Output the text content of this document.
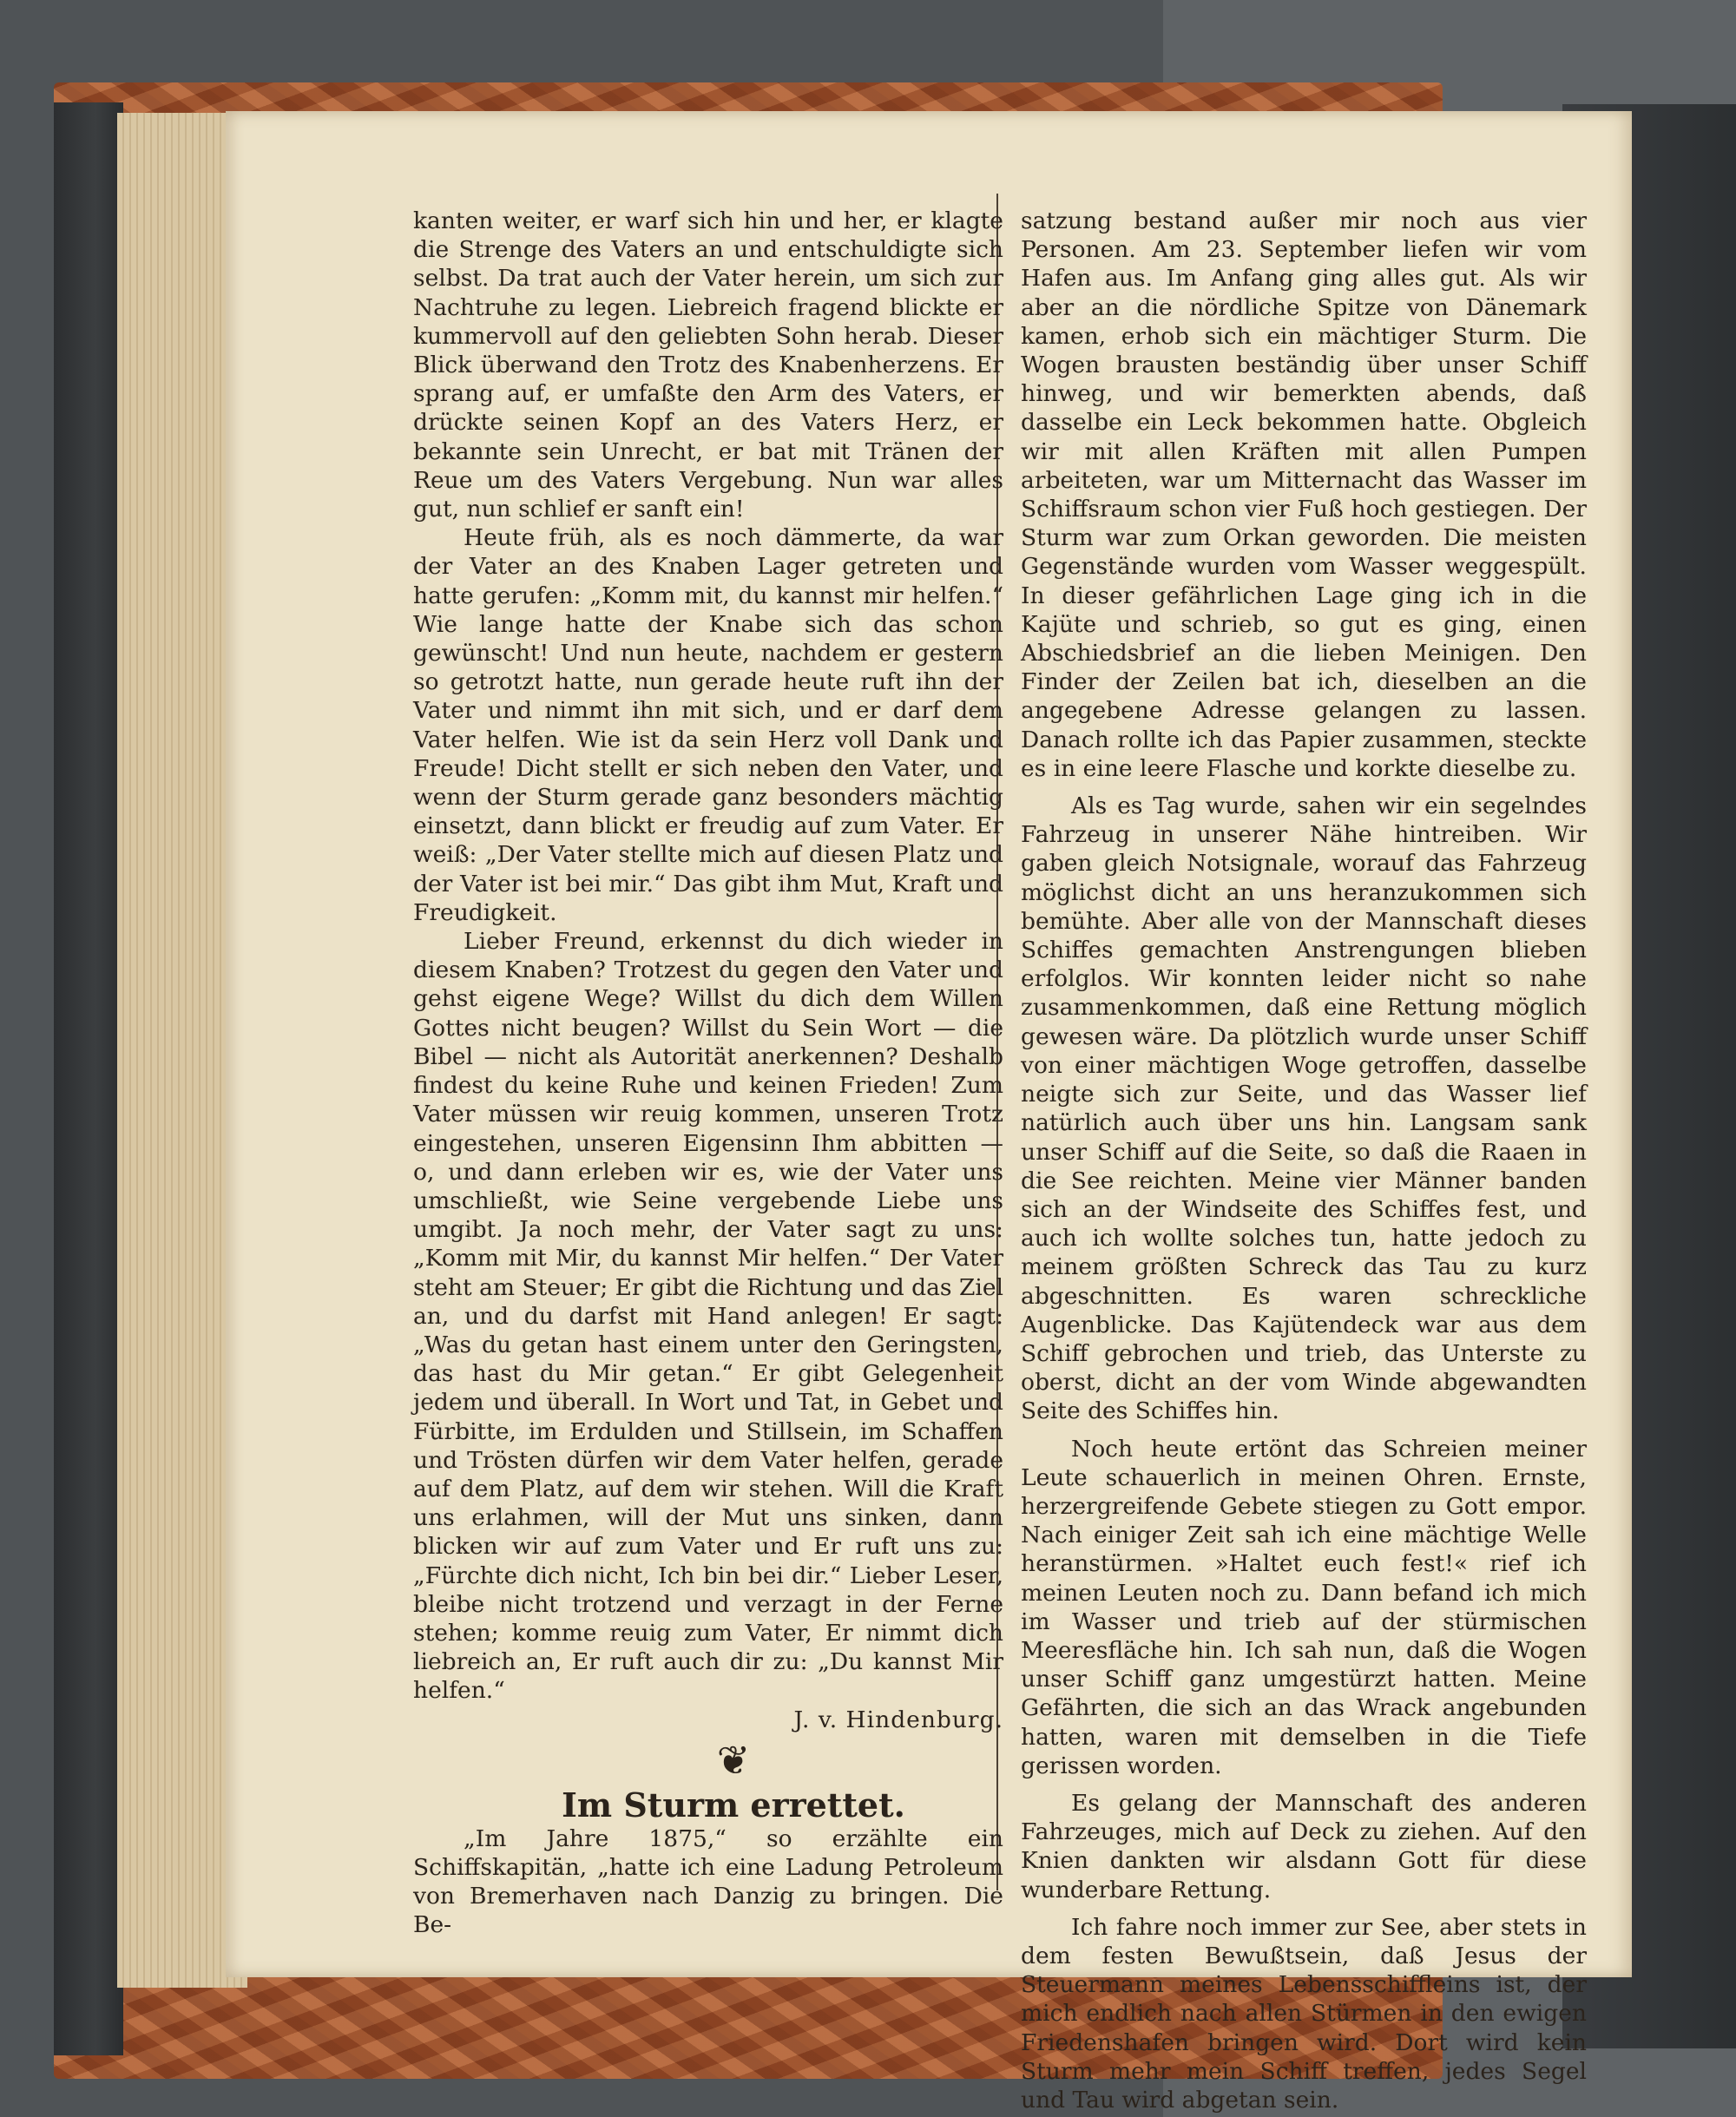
kanten weiter, er warf sich hin und her, er klagte die Strenge des Vaters an und entschuldigte sich selbst. Da trat auch der Vater herein, um sich zur Nachtruhe zu legen. Liebreich fragend blickte er kummervoll auf den geliebten Sohn herab. Dieser Blick überwand den Trotz des Knabenherzens. Er sprang auf, er umfaßte den Arm des Vaters, er drückte seinen Kopf an des Vaters Herz, er bekannte sein Unrecht, er bat mit Tränen der Reue um des Vaters Vergebung. Nun war alles gut, nun schlief er sanft ein!

Heute früh, als es noch dämmerte, da war der Vater an des Knaben Lager getreten und hatte gerufen: „Komm mit, du kannst mir helfen.“ Wie lange hatte der Knabe sich das schon gewünscht! Und nun heute, nachdem er gestern so getrotzt hatte, nun gerade heute ruft ihn der Vater und nimmt ihn mit sich, und er darf dem Vater helfen. Wie ist da sein Herz voll Dank und Freude! Dicht stellt er sich neben den Vater, und wenn der Sturm gerade ganz besonders mächtig einsetzt, dann blickt er freudig auf zum Vater. Er weiß: „Der Vater stellte mich auf diesen Platz und der Vater ist bei mir.“ Das gibt ihm Mut, Kraft und Freudigkeit.

Lieber Freund, erkennst du dich wieder in diesem Knaben? Trotzest du gegen den Vater und gehst eigene Wege? Willst du dich dem Willen Gottes nicht beugen? Willst du Sein Wort — die Bibel — nicht als Autorität anerkennen? Deshalb findest du keine Ruhe und keinen Frieden! Zum Vater müssen wir reuig kommen, unseren Trotz eingestehen, unseren Eigensinn Ihm abbitten — o, und dann erleben wir es, wie der Vater uns umschließt, wie Seine vergebende Liebe uns umgibt. Ja noch mehr, der Vater sagt zu uns: „Komm mit Mir, du kannst Mir helfen.“ Der Vater steht am Steuer; Er gibt die Richtung und das Ziel an, und du darfst mit Hand anlegen! Er sagt: „Was du getan hast einem unter den Geringsten, das hast du Mir getan.“ Er gibt Gelegenheit jedem und überall. In Wort und Tat, in Gebet und Fürbitte, im Erdulden und Stillsein, im Schaffen und Trösten dürfen wir dem Vater helfen, gerade auf dem Platz, auf dem wir stehen. Will die Kraft uns erlahmen, will der Mut uns sinken, dann blicken wir auf zum Vater und Er ruft uns zu: „Fürchte dich nicht, Ich bin bei dir.“ Lieber Leser, bleibe nicht trotzend und verzagt in der Ferne stehen; komme reuig zum Vater, Er nimmt dich liebreich an, Er ruft auch dir zu: „Du kannst Mir helfen.“

J. v. Hindenburg.

❦

Im Sturm errettet.

„Im Jahre 1875,“ so erzählte ein Schiffskapitän, „hatte ich eine Ladung Petroleum von Bremerhaven nach Danzig zu bringen. Die Be-

satzung bestand außer mir noch aus vier Personen. Am 23. September liefen wir vom Hafen aus. Im Anfang ging alles gut. Als wir aber an die nördliche Spitze von Dänemark kamen, erhob sich ein mächtiger Sturm. Die Wogen brausten beständig über unser Schiff hinweg, und wir bemerkten abends, daß dasselbe ein Leck bekommen hatte. Obgleich wir mit allen Kräften mit allen Pumpen arbeiteten, war um Mitternacht das Wasser im Schiffsraum schon vier Fuß hoch gestiegen. Der Sturm war zum Orkan geworden. Die meisten Gegenstände wurden vom Wasser weggespült. In dieser gefährlichen Lage ging ich in die Kajüte und schrieb, so gut es ging, einen Abschiedsbrief an die lieben Meinigen. Den Finder der Zeilen bat ich, dieselben an die angegebene Adresse gelangen zu lassen. Danach rollte ich das Papier zusammen, steckte es in eine leere Flasche und korkte dieselbe zu.

Als es Tag wurde, sahen wir ein segelndes Fahrzeug in unserer Nähe hintreiben. Wir gaben gleich Notsignale, worauf das Fahrzeug möglichst dicht an uns heranzukommen sich bemühte. Aber alle von der Mannschaft dieses Schiffes gemachten Anstrengungen blieben erfolglos. Wir konnten leider nicht so nahe zusammenkommen, daß eine Rettung möglich gewesen wäre. Da plötzlich wurde unser Schiff von einer mächtigen Woge getroffen, dasselbe neigte sich zur Seite, und das Wasser lief natürlich auch über uns hin. Langsam sank unser Schiff auf die Seite, so daß die Raaen in die See reichten. Meine vier Männer banden sich an der Windseite des Schiffes fest, und auch ich wollte solches tun, hatte jedoch zu meinem größten Schreck das Tau zu kurz abgeschnitten. Es waren schreckliche Augenblicke. Das Kajütendeck war aus dem Schiff gebrochen und trieb, das Unterste zu oberst, dicht an der vom Winde abgewandten Seite des Schiffes hin.

Noch heute ertönt das Schreien meiner Leute schauerlich in meinen Ohren. Ernste, herzergreifende Gebete stiegen zu Gott empor. Nach einiger Zeit sah ich eine mächtige Welle heranstürmen. »Haltet euch fest!« rief ich meinen Leuten noch zu. Dann befand ich mich im Wasser und trieb auf der stürmischen Meeresfläche hin. Ich sah nun, daß die Wogen unser Schiff ganz umgestürzt hatten. Meine Gefährten, die sich an das Wrack angebunden hatten, waren mit demselben in die Tiefe gerissen worden.

Es gelang der Mannschaft des anderen Fahrzeuges, mich auf Deck zu ziehen. Auf den Knien dankten wir alsdann Gott für diese wunderbare Rettung.

Ich fahre noch immer zur See, aber stets in dem festen Bewußtsein, daß Jesus der Steuermann meines Lebensschiffleins ist, der mich endlich nach allen Stürmen in den ewigen Friedenshafen bringen wird. Dort wird kein Sturm mehr mein Schiff treffen, jedes Segel und Tau wird abgetan sein.
